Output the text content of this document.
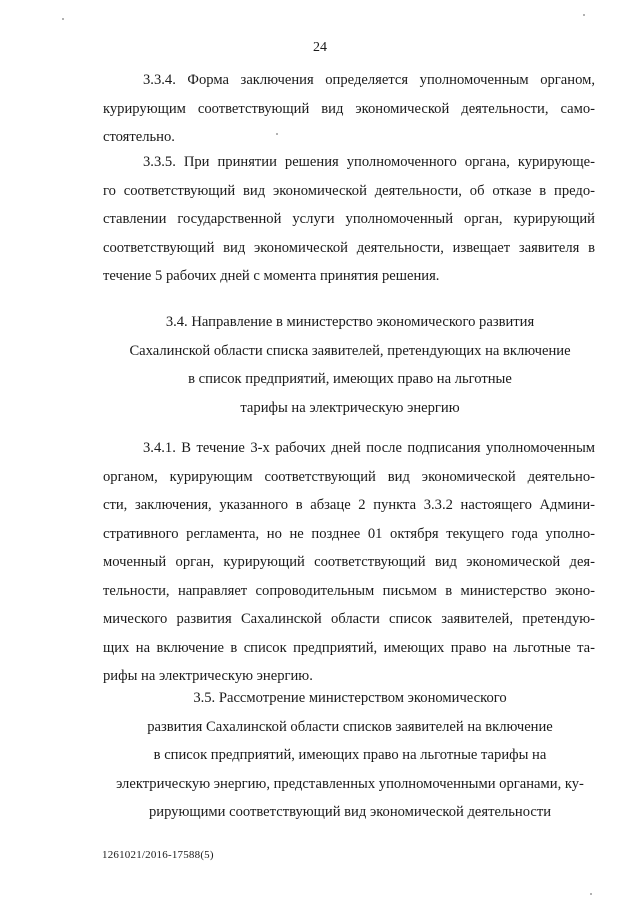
24
3.3.4. Форма заключения определяется уполномоченным органом,
курирующим соответствующий вид экономической деятельности, само-
стоятельно.
3.3.5. При принятии решения уполномоченного органа, курирующе-
го соответствующий вид экономической деятельности, об отказе в предо-
ставлении государственной услуги уполномоченный орган, курирующий
соответствующий вид экономической деятельности, извещает заявителя в
течение 5 рабочих дней с момента принятия решения.
3.4. Направление в министерство экономического развития
Сахалинской области списка заявителей, претендующих на включение
в список предприятий, имеющих право на льготные
тарифы на электрическую энергию
3.4.1. В течение 3-х рабочих дней после подписания уполномоченным
органом, курирующим соответствующий вид экономической деятельно-
сти, заключения, указанного в абзаце 2 пункта 3.3.2 настоящего Админи-
стративного регламента, но не позднее 01 октября текущего года уполно-
моченный орган, курирующий соответствующий вид экономической дея-
тельности, направляет сопроводительным письмом в министерство эконо-
мического развития Сахалинской области список заявителей, претендую-
щих на включение в список предприятий, имеющих право на льготные та-
рифы на электрическую энергию.
3.5. Рассмотрение министерством экономического
развития Сахалинской области списков заявителей на включение
в список предприятий, имеющих право на льготные тарифы на
электрическую энергию, представленных уполномоченными органами, ку-
рирующими соответствующий вид экономической деятельности
1261021/2016-17588(5)
